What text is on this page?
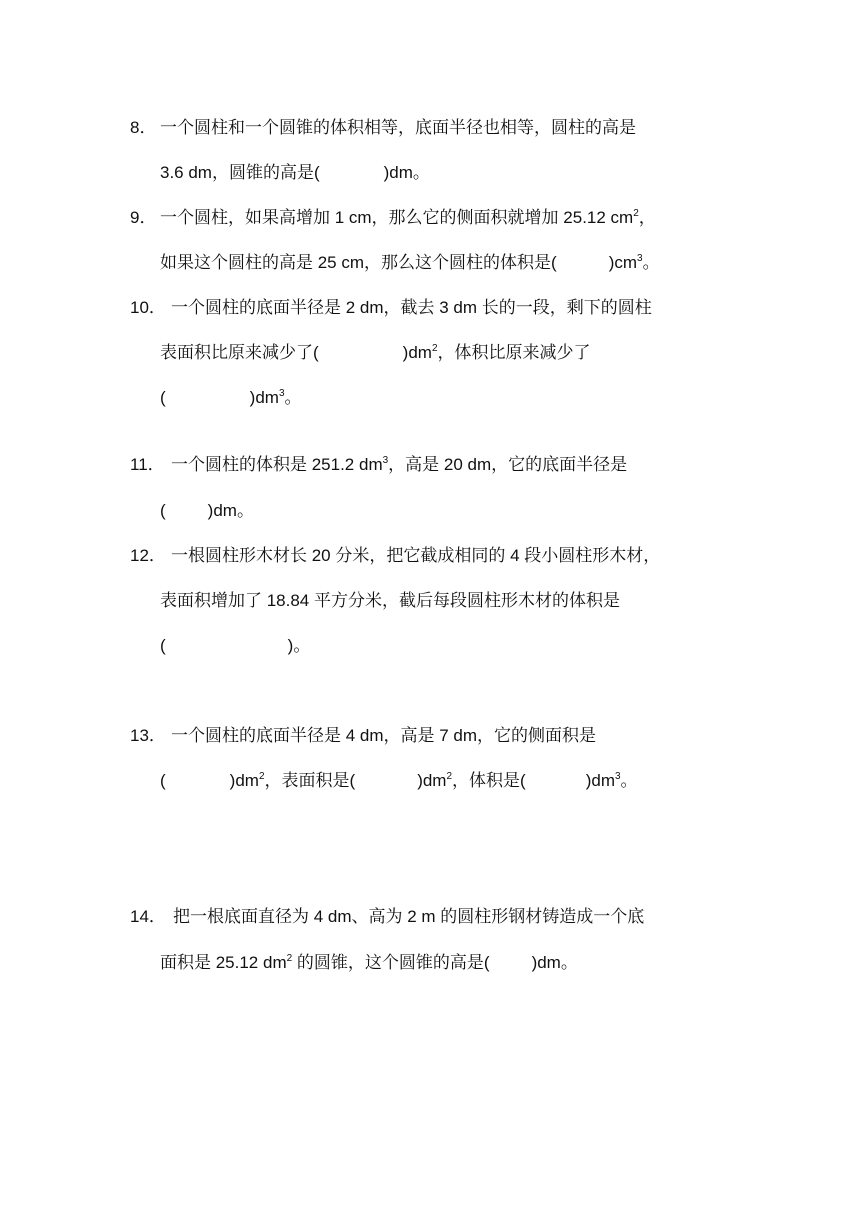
8． 一个圆柱和一个圆锥的体积相等，底面半径也相等，圆柱的高是
3.6 dm，圆锥的高是(	)dm。
9． 一个圆柱，如果高增加 1 cm，那么它的侧面积就增加 25.12 $cm^2$，
如果这个圆柱的高是 25 cm，那么这个圆柱的体积是(	)$cm^3$。
10． 一个圆柱的底面半径是 2 dm，截去 3 dm 长的一段，剩下的圆柱
表面积比原来减少了(	)$dm^2$，体积比原来减少了
(	)$dm^3$。
11． 一个圆柱的体积是 251.2 $dm^3$，高是 20 dm，它的底面半径是
( )dm。
12． 一根圆柱形木材长 20 分米，把它截成相同的 4 段小圆柱形木材，
表面积增加了 18.84 平方分米，截后每段圆柱形木材的体积是
(	)。
13． 一个圆柱的底面半径是 4 dm，高是 7 dm，它的侧面积是
(	)$dm^2$，表面积是(	)$dm^2$，体积是(	)$dm^3$。
14． 把一根底面直径为 4 dm、高为 2 m 的圆柱形钢材铸造成一个底
面积是 25.12 $dm^2$ 的圆锥，这个圆锥的高是( )dm。
